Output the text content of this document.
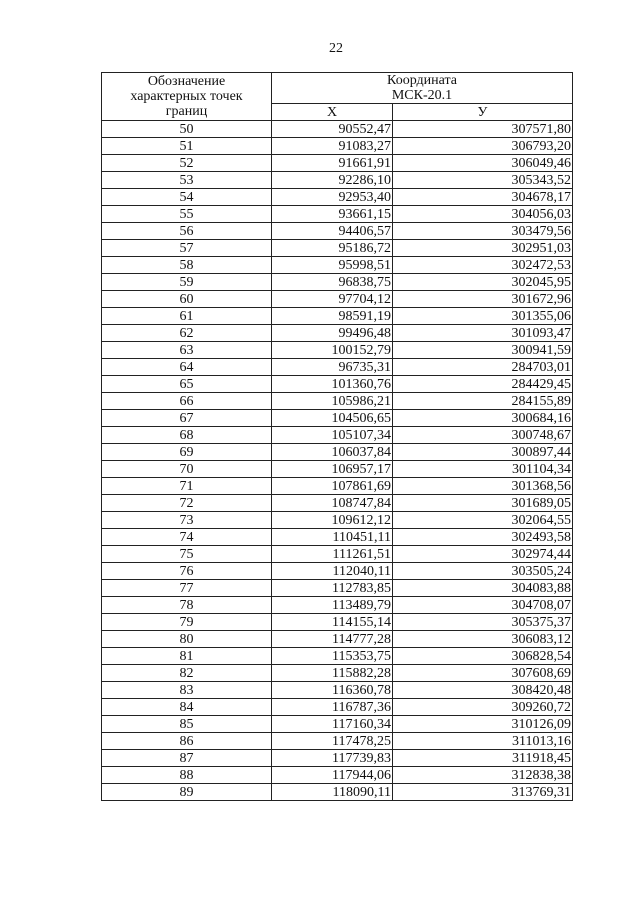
22
Обозначение
характерных точек
границ	Координата
МСК-20.1	

	X	У
50	90552,47	307571,80
51	91083,27	306793,20
52	91661,91	306049,46
53	92286,10	305343,52
54	92953,40	304678,17
55	93661,15	304056,03
56	94406,57	303479,56
57	95186,72	302951,03
58	95998,51	302472,53
59	96838,75	302045,95
60	97704,12	301672,96
61	98591,19	301355,06
62	99496,48	301093,47
63	100152,79	300941,59
64	96735,31	284703,01
65	101360,76	284429,45
66	105986,21	284155,89
67	104506,65	300684,16
68	105107,34	300748,67
69	106037,84	300897,44
70	106957,17	301104,34
71	107861,69	301368,56
72	108747,84	301689,05
73	109612,12	302064,55
74	110451,11	302493,58
75	111261,51	302974,44
76	112040,11	303505,24
77	112783,85	304083,88
78	113489,79	304708,07
79	114155,14	305375,37
80	114777,28	306083,12
81	115353,75	306828,54
82	115882,28	307608,69
83	116360,78	308420,48
84	116787,36	309260,72
85	117160,34	310126,09
86	117478,25	311013,16
87	117739,83	311918,45
88	117944,06	312838,38
89	118090,11	313769,31
